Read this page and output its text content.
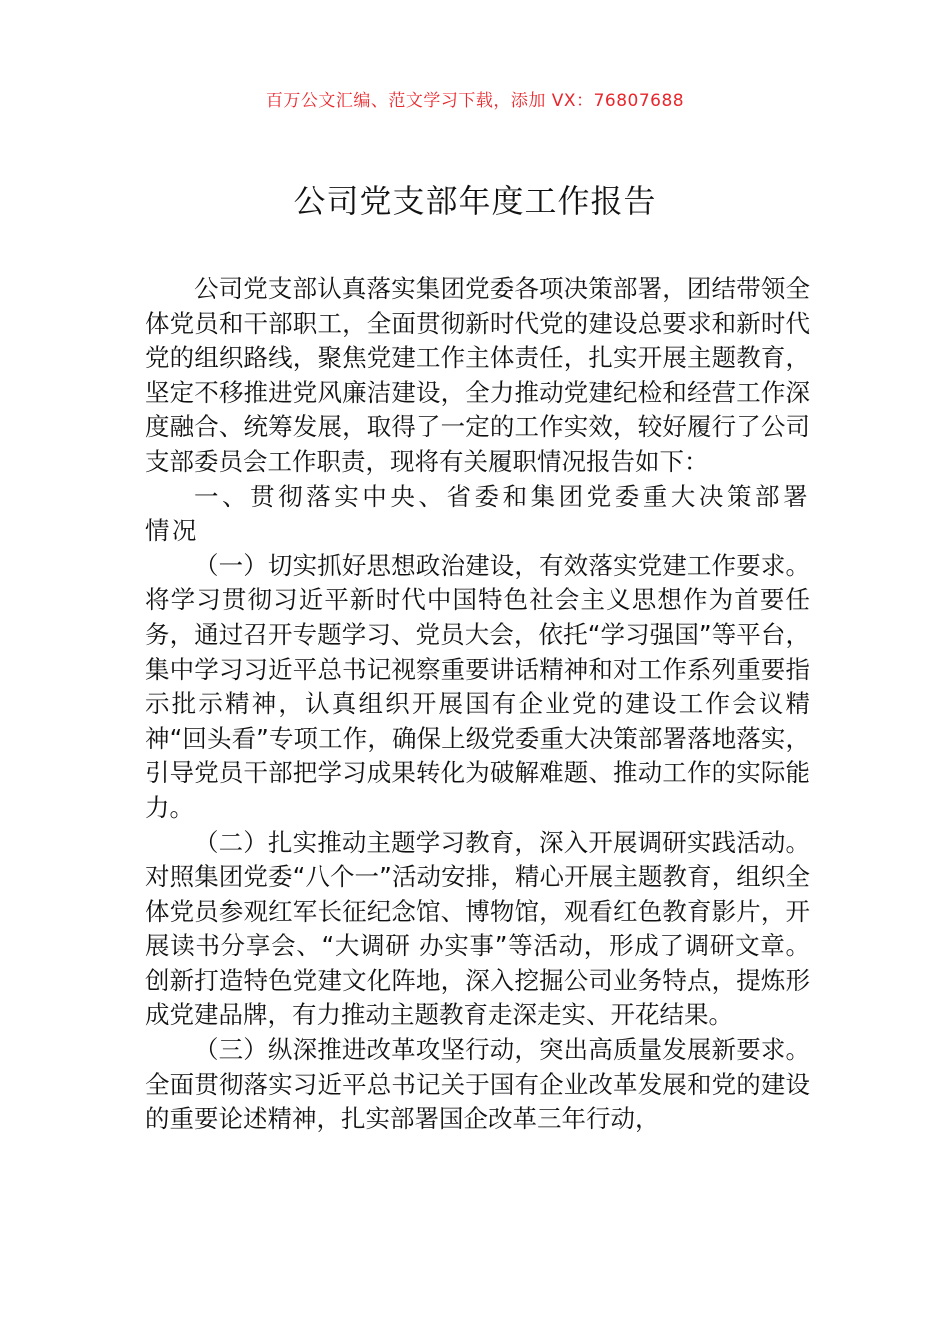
百万公文汇编、范文学习下载，添加 VX：76807688
公司党支部年度工作报告

公司党支部认真落实集团党委各项决策部署，团结带领全体党员和干部职工，全面贯彻新时代党的建设总要求和新时代党的组织路线，聚焦党建工作主体责任，扎实开展主题教育，坚定不移推进党风廉洁建设，全力推动党建纪检和经营工作深度融合、统筹发展，取得了一定的工作实效，较好履行了公司支部委员会工作职责，现将有关履职情况报告如下：

一、贯彻落实中央、省委和集团党委重大决策部署情况

（一）切实抓好思想政治建设，有效落实党建工作要求。将学习贯彻习近平新时代中国特色社会主义思想作为首要任务，通过召开专题学习、党员大会，依托“学习强国”等平台，集中学习习近平总书记视察重要讲话精神和对工作系列重要指示批示精神，认真组织开展国有企业党的建设工作会议精神“回头看”专项工作，确保上级党委重大决策部署落地落实，引导党员干部把学习成果转化为破解难题、推动工作的实际能力。

（二）扎实推动主题学习教育，深入开展调研实践活动。对照集团党委“八个一”活动安排，精心开展主题教育，组织全体党员参观红军长征纪念馆、博物馆，观看红色教育影片，开展读书分享会、“大调研 办实事”等活动，形成了调研文章。创新打造特色党建文化阵地，深入挖掘公司业务特点，提炼形成党建品牌，有力推动主题教育走深走实、开花结果。

（三）纵深推进改革攻坚行动，突出高质量发展新要求。全面贯彻落实习近平总书记关于国有企业改革发展和党的建设的重要论述精神，扎实部署国企改革三年行动，
